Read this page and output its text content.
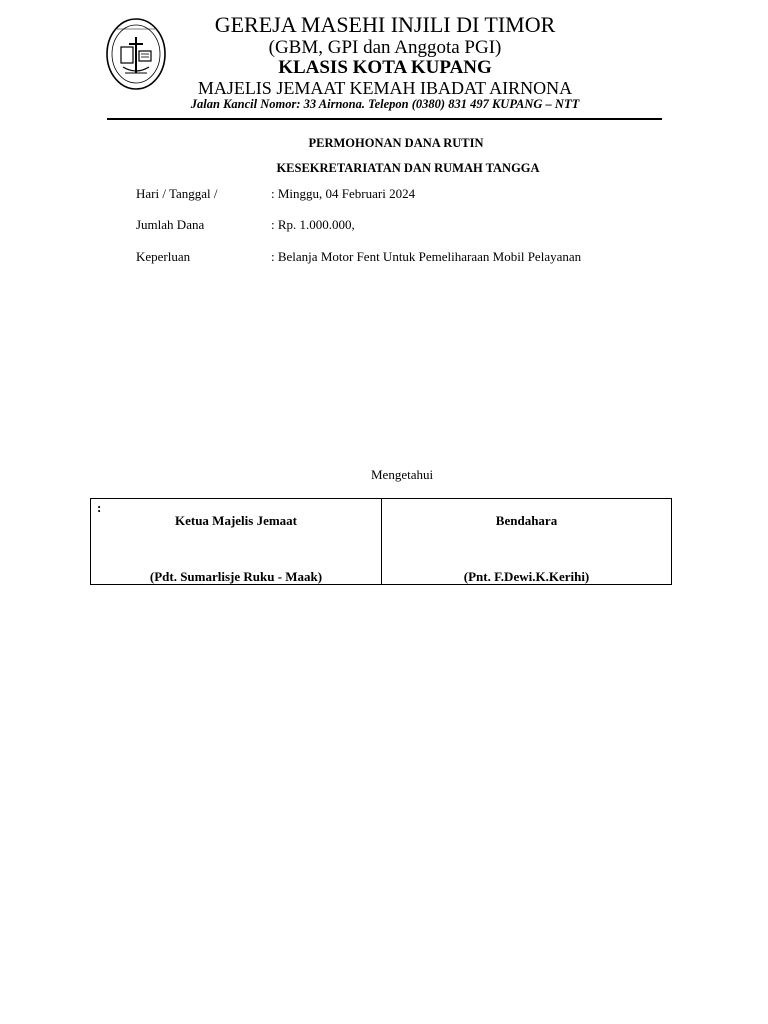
GEREJA MASEHI INJILI DI TIMOR
(GBM, GPI dan Anggota PGI)
KLASIS KOTA KUPANG
MAJELIS JEMAAT KEMAH IBADAT AIRNONA
Jalan Kancil Nomor: 33 Airnona. Telepon (0380) 831 497 KUPANG – NTT
PERMOHONAN DANA RUTIN
KESEKRETARIATAN DAN RUMAH TANGGA
Hari / Tanggal /	: Minggu, 04 Februari 2024
Jumlah Dana	: Rp. 1.000.000,
Keperluan	: Belanja Motor Fent Untuk Pemeliharaan Mobil Pelayanan
Mengetahui
:
Ketua Majelis Jemaat
(Pdt. Sumarlisje Ruku - Maak)
Bendahara
(Pnt. F.Dewi.K.Kerihi)
